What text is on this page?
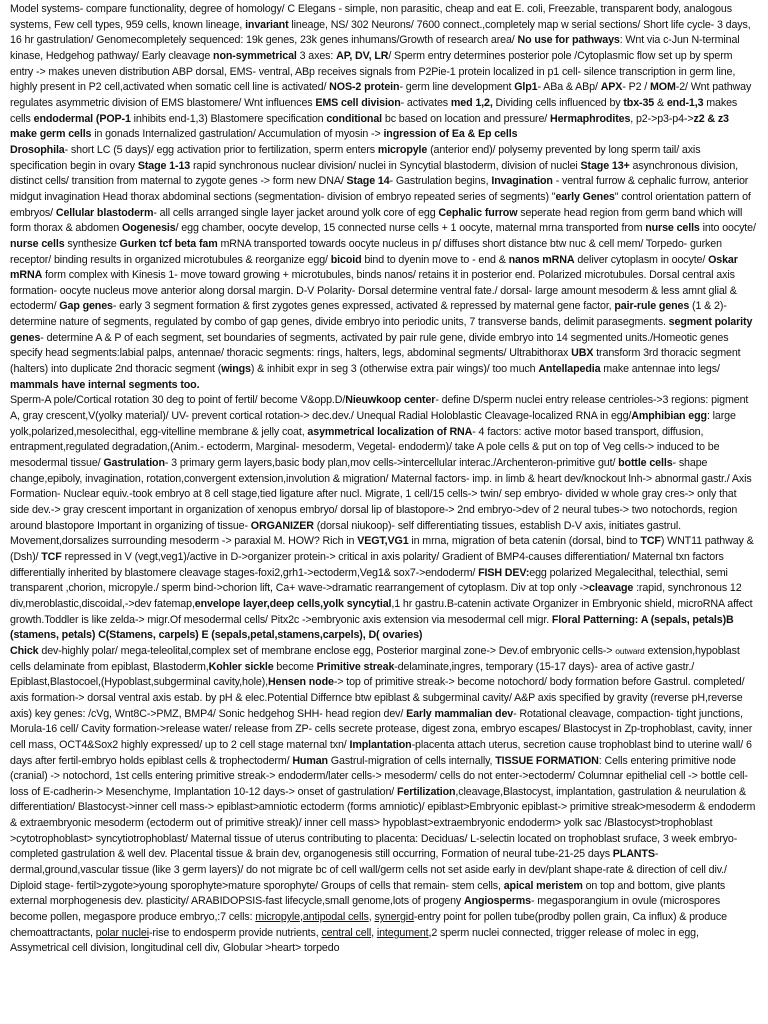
Model systems- compare functionality, degree of homology/ C Elegans - simple, non parasitic, cheap and eat E. coli, Freezable, transparent body, analogous systems, Few cell types, 959 cells, known lineage, invariant lineage, NS/ 302 Neurons/ 7600 connect.,completely map w serial sections/ Short life cycle- 3 days, 16 hr gastrulation/ Genomecompletely sequenced: 19k genes, 23k genes inhumans/Growth of research area/ No use for pathways: Wnt via c-Jun N-terminal kinase, Hedgehog pathway/ Early cleavage non-symmetrical 3 axes: AP, DV, LR/ Sperm entry determines posterior pole /Cytoplasmic flow set up by sperm entry -> makes uneven distribution ABP dorsal, EMS- ventral, ABp receives signals from P2Pie-1 protein localized in p1 cell- silence transcription in germ line, highly present in P2 cell,activated when somatic cell line is activated/ NOS-2 protein- germ line development Glp1- ABa & ABp/ APX- P2 / MOM-2/ Wnt pathway regulates asymmetric division of EMS blastomere/ Wnt influences EMS cell division- activates med 1,2, Dividing cells influenced by tbx-35 & end-1,3 makes cells endodermal (POP-1 inhibits end-1,3) Blastomere specification conditional bc based on location and pressure/ Hermaphrodites, p2->p3-p4->z2 & z3 make germ cells in gonads Internalized gastrulation/ Accumulation of myosin -> ingression of Ea & Ep cells

Drosophila- short LC (5 days)/ egg activation prior to fertilization, sperm enters micropyle (anterior end)/ polysemy prevented by long sperm tail/ axis specification begin in ovary Stage 1-13 rapid synchronous nuclear division/ nuclei in Syncytial blastoderm, division of nuclei Stage 13+ asynchronous division, distinct cells/ transition from maternal to zygote genes -> form new DNA/ Stage 14- Gastrulation begins, Invagination - ventral furrow & cephalic furrow, anterior midgut invagination Head thorax abdominal sections (segmentation- division of embryo repeated series of segments) "early Genes" control orientation pattern of embryos/ Cellular blastoderm- all cells arranged single layer jacket around yolk core of egg Cephalic furrow seperate head region from germ band which will form thorax & abdomen Oogenesis/ egg chamber, oocyte develop, 15 connected nurse cells + 1 oocyte, maternal mrna transported from nurse cells into oocyte/ nurse cells synthesize Gurken tcf beta fam mRNA transported towards oocyte nucleus in p/ diffuses short distance btw nuc & cell mem/ Torpedo- gurken receptor/ binding results in organized microtubules & reorganize egg/ bicoid bind to dyenin move to - end & nanos mRNA deliver cytoplasm in oocyte/ Oskar mRNA form complex with Kinesis 1- move toward growing + microtubules, binds nanos/ retains it in posterior end. Polarized microtubules. Dorsal central axis formation- oocyte nucleus move anterior along dorsal margin. D-V Polarity- Dorsal determine ventral fate./ dorsal- large amount mesoderm & less amnt glial & ectoderm/ Gap genes- early 3 segment formation & first zygotes genes expressed, activated & repressed by maternal gene factor, pair-rule genes (1 & 2)- determine nature of segments, regulated by combo of gap genes, divide embryo into periodic units, 7 transverse bands, delimit parasegments. segment polarity genes- determine A & P of each segment, set boundaries of segments, activated by pair rule gene, divide embryo into 14 segmented units./Homeotic genes specify head segments:labial palps, antennae/ thoracic segments: rings, halters, legs, abdominal segments/ Ultrabithorax UBX transform 3rd thoracic segment (halters) into duplicate 2nd thoracic segment (wings) & inhibit expr in seg 3 (otherwise extra pair wings)/ too much Antellapedia make antennae into legs/ mammals have internal segments too.

Sperm-A pole/Cortical rotation 30 deg to point of fertil/ become V&opp.D/Nieuwkoop center- define D/sperm nuclei entry release centrioles->3 regions: pigment A, gray crescent,V(yolky material)/ UV- prevent cortical rotation-> dec.dev./ Unequal Radial Holoblastic Cleavage-localized RNA in egg/Amphibian egg: large yolk,polarized,mesolecithal, egg-vitelline membrane & jelly coat, asymmetrical localization of RNA- 4 factors: active motor based transport, diffusion, entrapment,regulated degradation,(Anim.- ectoderm, Marginal- mesoderm, Vegetal- endoderm)/ take A pole cells & put on top of Veg cells-> induced to be mesodermal tissue/ Gastrulation- 3 primary germ layers,basic body plan,mov cells->intercellular interac./Archenteron-primitive gut/ bottle cells- shape change,epiboly, invagination, rotation,convergent extension,involution & migration/ Maternal factors- imp. in limb & heart dev/knockout lnh-> abnormal gastr./ Axis Formation- Nuclear equiv.-took embryo at 8 cell stage,tied ligature after nucl. Migrate, 1 cell/15 cells-> twin/ sep embryo- divided w whole gray cres-> only that side dev.-> gray crescent important in organization of xenopus embryo/ dorsal lip of blastopore-> 2nd embryo->dev of 2 neural tubes-> two notochords, region around blastopore Important in organizing of tissue- ORGANIZER (dorsal niukoop)- self differentiating tissues, establish D-V axis, initiates gastrul. Movement,dorsalizes surrounding mesoderm -> paraxial M. HOW? Rich in VEGT,VG1 in mrna, migration of beta catenin (dorsal, bind to TCF) WNT11 pathway &(Dsh)/ TCF repressed in V (vegt,veg1)/active in D->organizer protein-> critical in axis polarity/ Gradient of BMP4-causes differentiation/ Maternal txn factors differentially inherited by blastomere cleavage stages-foxi2,grh1->ectoderm,Veg1& sox7->endoderm/ FISH DEV:egg polarized Megalecithal, telecthial, semi transparent ,chorion, micropyle./ sperm bind->chorion lift, Ca+ wave->dramatic rearrangement of cytoplasm. Div at top only ->cleavage :rapid, synchronous 12 div,meroblastic,discoidal,->dev fatemap,envelope layer,deep cells,yolk syncytial,1 hr gastru.B-catenin activate Organizer in Embryonic shield, microRNA affect growth.Toddler is like zelda-> migr.Of mesodermal cells/ Pitx2c ->embryonic axis extension via mesodermal cell migr. Floral Patterning: A (sepals, petals)B (stamens, petals) C(Stamens, carpels) E (sepals,petal,stamens,carpels), D( ovaries)

Chick dev-highly polar/ mega-teleolital,complex set of membrane enclose egg, Posterior marginal zone-> Dev.of embryonic cells-> outward extension,hypoblast cells delaminate from epiblast, Blastoderm,Kohler sickle become Primitive streak-delaminate,ingres, temporary (15-17 days)- area of active gastr./ Epiblast,Blastocoel,(Hypoblast,subgerminal cavity,hole),Hensen node-> top of primitive streak-> become notochord/ body formation before Gastrul. completed/ axis formation-> dorsal ventral axis estab. by pH & elec.Potential Differnce btw epiblast & subgerminal cavity/ A&P axis specified by gravity (reverse pH,reverse axis) key genes: /cVg, Wnt8C->PMZ, BMP4/ Sonic hedgehog SHH- head region dev/ Early mammalian dev- Rotational cleavage, compaction- tight junctions, Morula-16 cell/ Cavity formation->release water/ release from ZP- cells secrete protease, digest zona, embryo escapes/ Blastocyst in Zp-trophoblast, cavity, inner cell mass, OCT4&Sox2 highly expressed/ up to 2 cell stage maternal txn/ Implantation-placenta attach uterus, secretion cause trophoblast bind to uterine wall/ 6 days after fertil-embryo holds epiblast cells & trophectoderm/ Human Gastrul-migration of cells internally, TISSUE FORMATION: Cells entering primitive node (cranial) -> notochord, 1st cells entering primitive streak-> endoderm/later cells-> mesoderm/ cells do not enter->ectoderm/ Columnar epithelial cell -> bottle cell- loss of E-cadherin-> Mesenchyme, Implantation 10-12 days-> onset of gastrulation/ Fertilization,cleavage,Blastocyst, implantation, gastrulation & neurulation & differentiation/ Blastocyst->inner cell mass-> epiblast>amniotic ectoderm (forms amniotic)/ epiblast>Embryonic epiblast-> primitive streak>mesoderm & endoderm & extraembryonic mesoderm (ectoderm out of primitive streak)/ inner cell mass> hypoblast>extraembryonic endoderm> yolk sac /Blastocyst>trophoblast >cytotrophoblast> syncytiotrophoblast/ Maternal tissue of uterus contributing to placenta: Deciduas/ L-selectin located on trophoblast sruface, 3 week embryo-completed gastrulation & well dev. Placental tissue & brain dev, organogenesis still occurring, Formation of neural tube-21-25 days PLANTS- dermal,ground,vascular tissue (like 3 germ layers)/ do not migrate bc of cell wall/germ cells not set aside early in dev/plant shape-rate & direction of cell div./ Diploid stage- fertil>zygote>young sporophyte>mature sporophyte/ Groups of cells that remain- stem cells, apical meristem on top and bottom, give plants external morphogenesis dev. plasticity/ ARABIDOPSIS-fast lifecycle,small genome,lots of progeny Angiosperms- megasporangium in ovule (microspores become pollen, megaspore produce embryo,:7 cells: micropyle,antipodal cells, synergid-entry point for pollen tube(prodby pollen grain, Ca influx) & produce chemoattractants, polar nuclei-rise to endosperm provide nutrients, central cell, integument,2 sperm nuclei connected, trigger release of molec in egg, Assymetrical cell division, longitudinal cell div, Globular >heart> torpedo
